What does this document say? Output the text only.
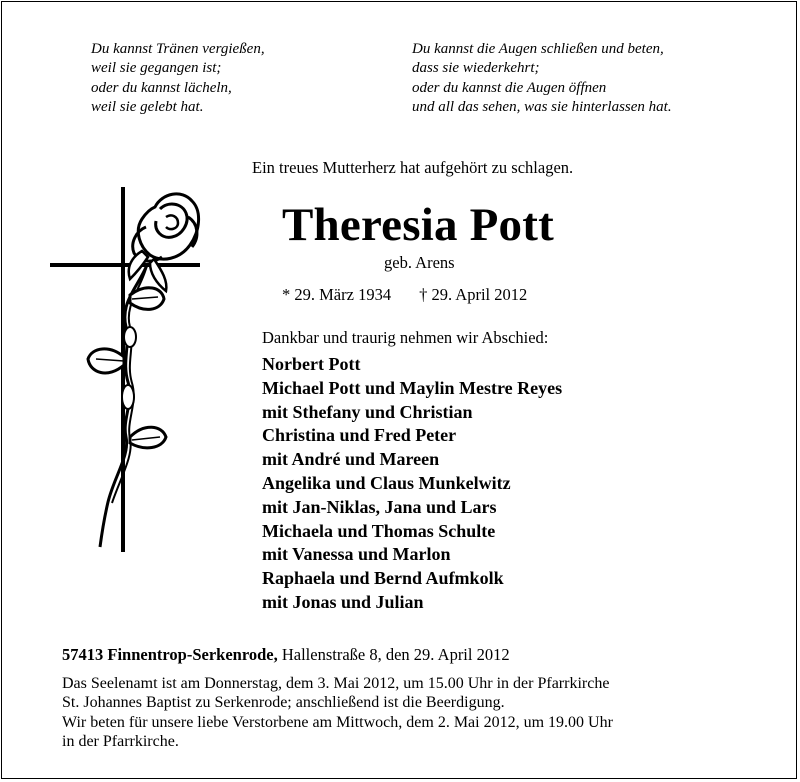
Du kannst Tränen vergießen,
weil sie gegangen ist;
oder du kannst lächeln,
weil sie gelebt hat.
Du kannst die Augen schließen und beten,
dass sie wiederkehrt;
oder du kannst die Augen öffnen
und all das sehen, was sie hinterlassen hat.
Ein treues Mutterherz hat aufgehört zu schlagen.
Theresia Pott
geb. Arens
* 29. März 1934 † 29. April 2012
Dankbar und traurig nehmen wir Abschied:
Norbert Pott
Michael Pott und Maylin Mestre Reyes
mit Sthefany und Christian
Christina und Fred Peter
mit André und Mareen
Angelika und Claus Munkelwitz
mit Jan-Niklas, Jana und Lars
Michaela und Thomas Schulte
mit Vanessa und Marlon
Raphaela und Bernd Aufmkolk
mit Jonas und Julian
57413 Finnentrop-Serkenrode, Hallenstraße 8, den 29. April 2012
Das Seelenamt ist am Donnerstag, dem 3. Mai 2012, um 15.00 Uhr in der Pfarrkirche
St. Johannes Baptist zu Serkenrode; anschließend ist die Beerdigung.
Wir beten für unsere liebe Verstorbene am Mittwoch, dem 2. Mai 2012, um 19.00 Uhr
in der Pfarrkirche.
